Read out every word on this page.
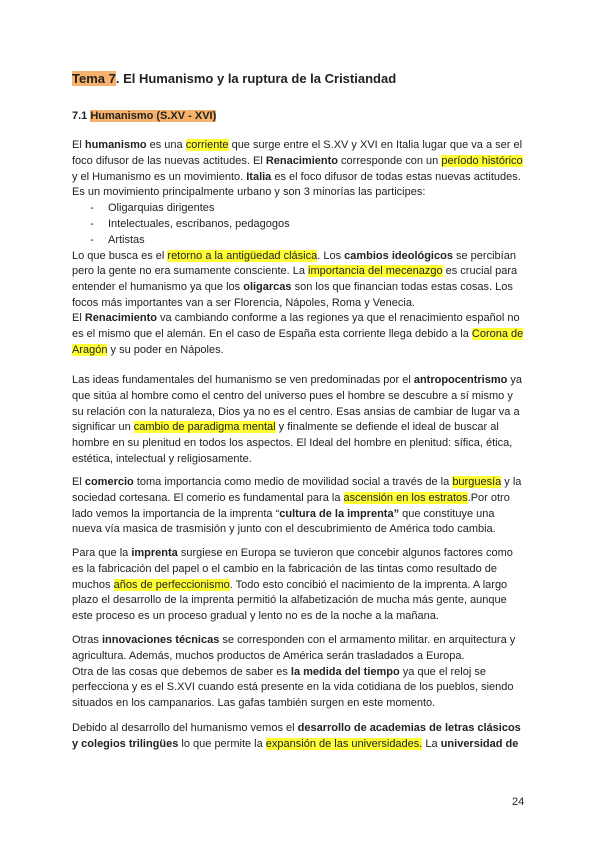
Tema 7. El Humanismo y la ruptura de la Cristiandad
7.1 Humanismo (S.XV - XVI)

El humanismo es una corriente que surge entre el S.XV y XVI en Italia lugar que va a ser el

foco difusor de las nuevas actitudes. El Renacimiento corresponde con un período histórico

y el Humanismo es un movimiento. Italia es el foco difusor de todas estas nuevas actitudes.

Es un movimiento principalmente urbano y son 3 minorías las participes:

- Oligarquias dirigentes
- Intelectuales, escribanos, pedagogos
- Artistas

Lo que busca es el retorno a la antigüedad clásica. Los cambios ideológicos se percibían

pero la gente no era sumamente consciente. La importancia del mecenazgo es crucial para

entender el humanismo ya que los oligarcas son los que financian todas estas cosas. Los

focos más importantes van a ser Florencia, Nápoles, Roma y Venecia.

El Renacimiento va cambiando conforme a las regiones ya que el renacimiento español no

es el mismo que el alemán. En el caso de España esta corriente llega debido a la Corona de

Aragón y su poder en Nápoles.

Las ideas fundamentales del humanismo se ven predominadas por el antropocentrismo ya

que sitúa al hombre como el centro del universo pues el hombre se descubre a sí mismo y

su relación con la naturaleza, Dios ya no es el centro. Esas ansias de cambiar de lugar va a

significar un cambio de paradigma mental y finalmente se defiende el ideal de buscar al

hombre en su plenitud en todos los aspectos. El Ideal del hombre en plenitud: sífica, ética,

estética, intelectual y religiosamente.

El comercio toma importancia como medio de movilidad social a través de la burguesía y la

sociedad cortesana. El comerio es fundamental para la ascensión en los estratos.Por otro

lado vemos la importancia de la imprenta “cultura de la imprenta” que constituye una

nueva vía masica de trasmisión y junto con el descubrimiento de América todo cambia.

Para que la imprenta surgiese en Europa se tuvieron que concebir algunos factores como

es la fabricación del papel o el cambio en la fabricación de las tintas como resultado de

muchos años de perfeccionismo. Todo esto concibió el nacimiento de la imprenta. A largo

plazo el desarrollo de la imprenta permitió la alfabetización de mucha más gente, aunque

este proceso es un proceso gradual y lento no es de la noche a la mañana.

Otras innovaciones técnicas se corresponden con el armamento militar. en arquitectura y

agricultura. Además, muchos productos de América serán trasladados a Europa.

Otra de las cosas que debemos de saber es la medida del tiempo ya que el reloj se

perfecciona y es el S.XVI cuando está presente en la vida cotidiana de los pueblos, siendo

situados en los campanarios. Las gafas también surgen en este momento.

Debido al desarrollo del humanismo vemos el desarrollo de academias de letras clásicos

y colegios trilingües lo que permite la expansión de las universidades. La universidad de

24
